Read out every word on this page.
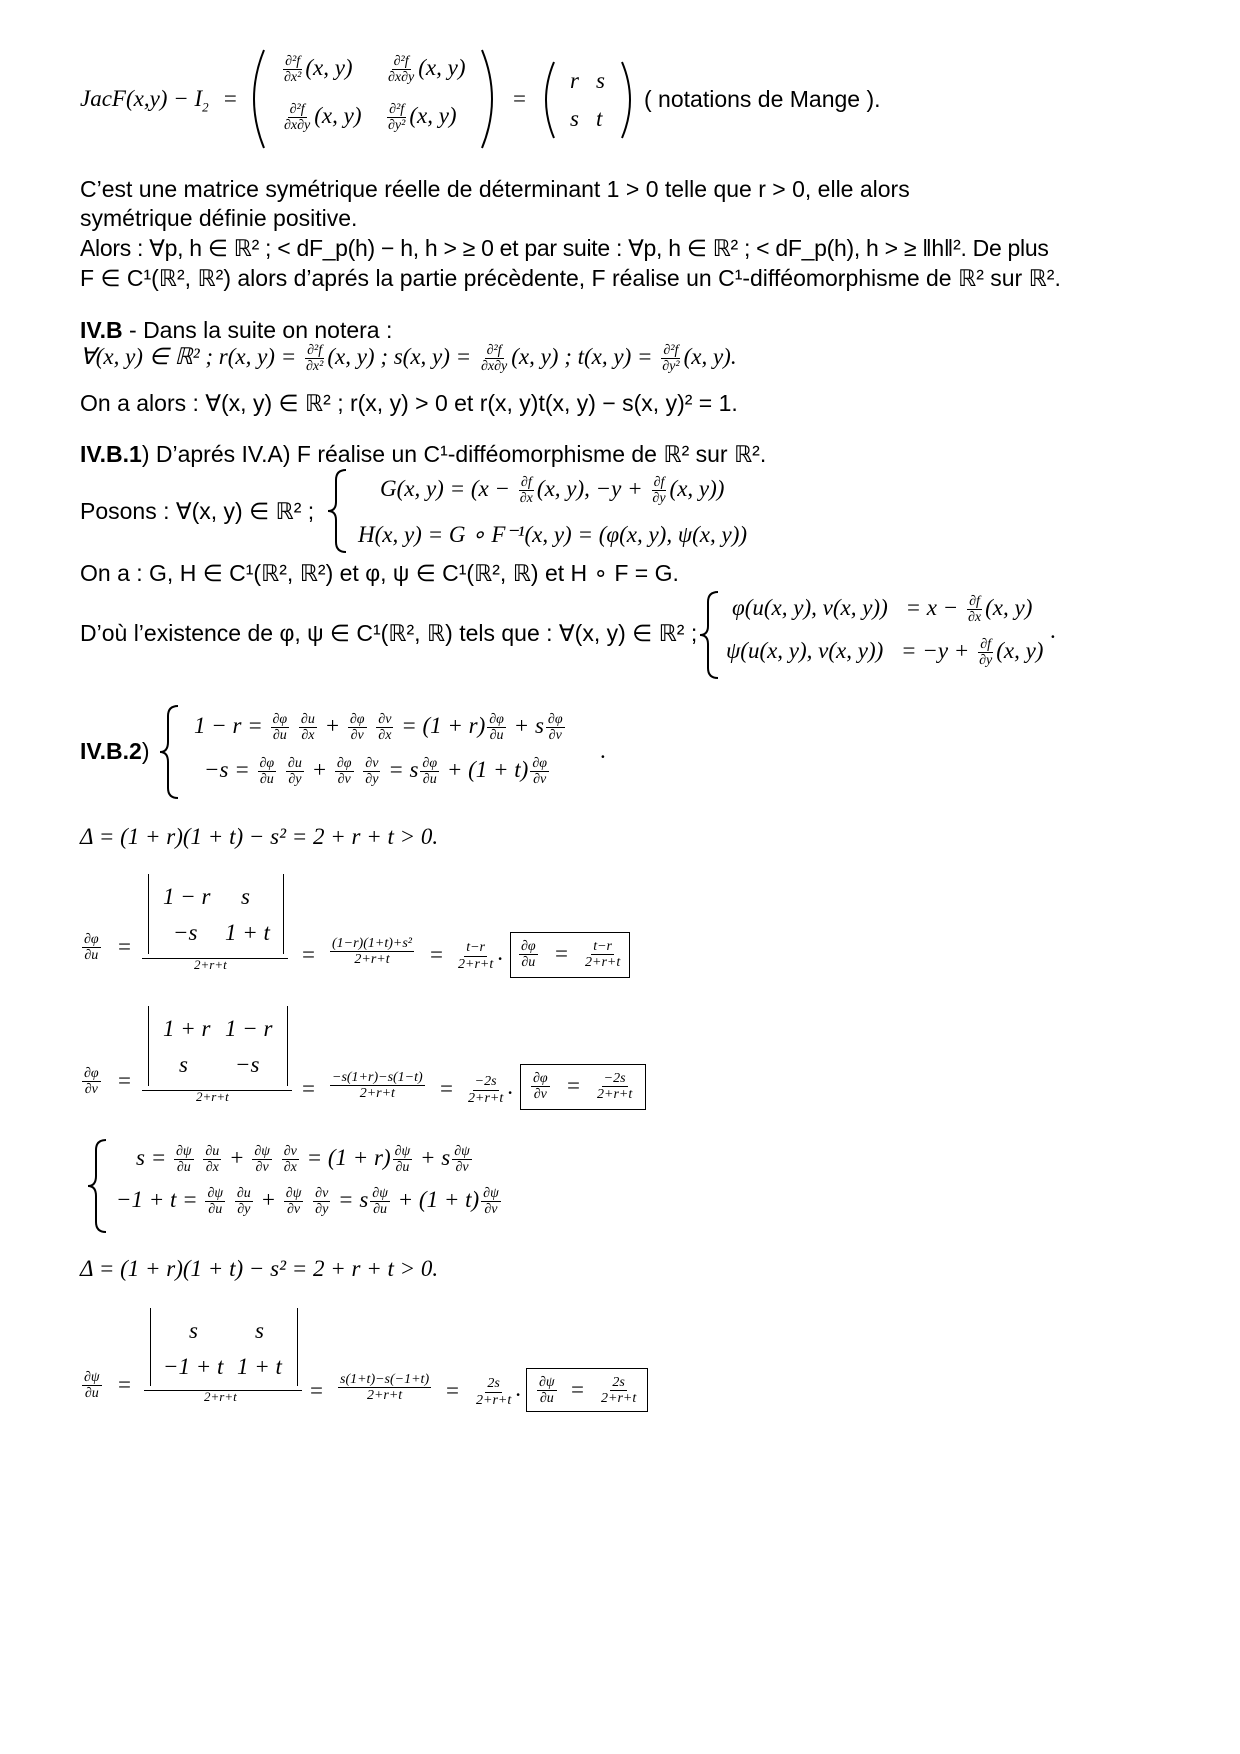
JacF(x,y) − $I_2$ =
$\frac{\text{∂²f}}{\text{∂x²}} (x$, $y) \frac{\text{∂²f}}{\partial x\partial y} (x$, y)
$\frac{\text{∂²f}}{\partial x\partial y} (x$, $y) \frac{\text{∂²f}}{\text{∂y²}} (x$, y)
=
r s
s t
( notations de Mange ).
C’est une matrice symétrique réelle de déterminant 1 > 0 telle que r > 0, elle alors
symétrique définie positive.
Alors : ∀p, h ∈ ℝ² ; < dF_p(h) − h, h > ≥ 0 et par suite : ∀p, h ∈ ℝ² ; < dF_p(h), h > ≥ ‖h‖². De plus
F ∈ C¹(ℝ², ℝ²) alors d’aprés la partie précèdente, F réalise un C¹-difféomorphisme de ℝ² sur ℝ².
IV.B - Dans la suite on notera :
∀(x, y) ∈ ℝ² ; r(x, $y) = \frac{\text{∂²f}}{\text{∂x²}} (x$, y) ; s(x, $y) = \frac{\text{∂²f}}{\partial x\partial y} (x$, y) ; t(x, $y) = \frac{\text{∂²f}}{\text{∂y²}} (x$, y).
On a alors : ∀(x, y) ∈ ℝ² ; r(x, y) > 0 et r(x, y)t(x, y) − s(x, y)² = 1.
IV.B.1) D’aprés IV.A) F réalise un C¹-difféomorphisme de ℝ² sur ℝ².
Posons : ∀(x, y) ∈ ℝ² ;
G(x, $y) = (x - \frac{\partial f}{\partial x} (x$, y), $-y + \frac{\partial f}{\partial y} (x$, y))
H(x, y) = G ∘ F⁻¹(x, y) = (φ(x, y), ψ(x, y))
On a : G, H ∈ C¹(ℝ², ℝ²) et φ, ψ ∈ C¹(ℝ², ℝ) et H ∘ F = G.
D’où l’existence de φ, ψ ∈ C¹(ℝ², ℝ) tels que : ∀(x, y) ∈ ℝ² ;
φ(u(x, y), v(x, $y)) = x - \frac{\partial f}{\partial x} (x$, y)
ψ(u(x, y), v(x, $y)) = -y + \frac{\partial f}{\partial y} (x$, y)
.
IV.B.2)
$1 - r = \frac{\partial\varphi}{\partial u}$
$\frac{\partial u}{\partial x} + \frac{\partial\varphi}{\partial v}$
$\frac{\partial v}{\partial x} = (1 + r) \frac{\partial\varphi}{\partial u} + s \frac{\partial\varphi}{\partial v}$
$-s = \frac{\partial\varphi}{\partial u}$
$\frac{\partial u}{\partial y} + \frac{\partial\varphi}{\partial v}$
$\frac{\partial v}{\partial y} = s \frac{\partial\varphi}{\partial u} + (1 + t) \frac{\partial\varphi}{\partial v}$
.
Δ = (1 + r)(1 + t) − s² = 2 + r + t > 0.
$\frac{\partial\varphi}{\partial u}$ =
1 − r s
−s 1 + t
2+r+t	= $\frac{\text{(1−r)(1+t)+s²}}{2+r+t} = \frac{t-r}{2+r+t}$ . $\frac{\partial\varphi}{\partial u} = \frac{t-r}{2+r+t}$
$\frac{\partial\varphi}{\partial v}$ =
1 + r 1 − r
s −s
2+r+t	= $\frac{-s(1+r)-s(1-t)}{2+r+t} = \frac{-2s}{2+r+t}$ . $\frac{\partial\varphi}{\partial v} = \frac{-2s}{2+r+t}$
$s = \frac{\partial\psi}{\partial u}$
$\frac{\partial u}{\partial x} + \frac{\partial\psi}{\partial v}$
$\frac{\partial v}{\partial x} = (1 + r) \frac{\partial\psi}{\partial u} + s \frac{\partial\psi}{\partial v}$
$-1 + t = \frac{\partial\psi}{\partial u}$
$\frac{\partial u}{\partial y} + \frac{\partial\psi}{\partial v}$
$\frac{\partial v}{\partial y} = s \frac{\partial\psi}{\partial u} + (1 + t) \frac{\partial\psi}{\partial v}$
Δ = (1 + r)(1 + t) − s² = 2 + r + t > 0.
$\frac{\partial\psi}{\partial u}$ =
s s
−1 + t 1 + t
2+r+t	= $\frac{s(1+t)-s(-1+t)}{2+r+t} = \frac{2s}{2+r+t}$ . $\frac{\partial\psi}{\partial u} = \frac{2s}{2+r+t}$
